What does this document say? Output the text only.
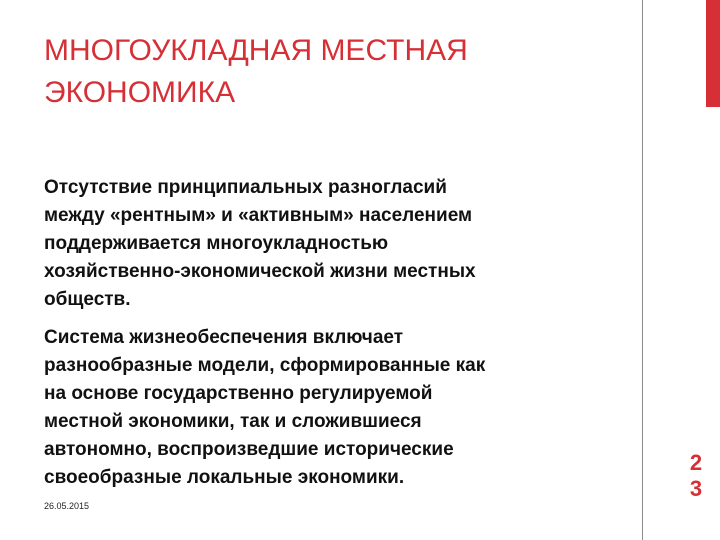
МНОГОУКЛАДНАЯ МЕСТНАЯ
ЭКОНОМИКА

Отсутствие принципиальных разногласий
между «рентным» и «активным» населением
поддерживается многоукладностью
хозяйственно-экономической жизни местных
обществ.

Система жизнеобеспечения включает
разнообразные модели, сформированные как
на основе государственно регулируемой
местной экономики, так и сложившиеся
автономно, воспроизведшие исторические
своеобразные локальные экономики.

26.05.2015
2
3
